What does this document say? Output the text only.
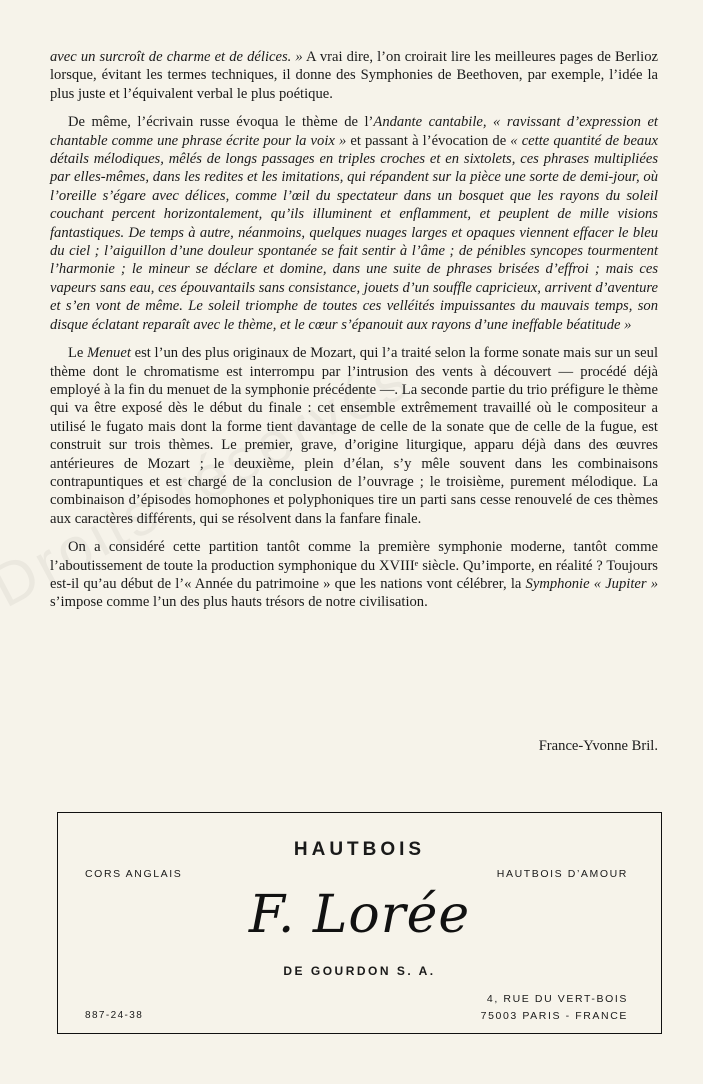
avec un surcroît de charme et de délices. » A vrai dire, l’on croirait lire les meilleures pages de Berlioz lorsque, évitant les termes techniques, il donne des Symphonies de Beethoven, par exemple, l’idée la plus juste et l’équivalent verbal le plus poétique.

De même, l’écrivain russe évoqua le thème de l’Andante cantabile, « ravissant d’expression et chantable comme une phrase écrite pour la voix » et passant à l’évocation de « cette quantité de beaux détails mélodiques, mêlés de longs passages en triples croches et en sixtolets, ces phrases multipliées par elles-mêmes, dans les redites et les imitations, qui répandent sur la pièce une sorte de demi-jour, où l’oreille s’égare avec délices, comme l’œil du spectateur dans un bosquet que les rayons du soleil couchant percent horizontalement, qu’ils illuminent et enflamment, et peuplent de mille visions fantastiques. De temps à autre, néanmoins, quelques nuages larges et opaques viennent effacer le bleu du ciel ; l’aiguillon d’une douleur spontanée se fait sentir à l’âme ; de pénibles syncopes tourmentent l’harmonie ; le mineur se déclare et domine, dans une suite de phrases brisées d’effroi ; mais ces vapeurs sans eau, ces épouvantails sans consistance, jouets d’un souffle capricieux, arrivent d’aventure et s’en vont de même. Le soleil triomphe de toutes ces velléités impuissantes du mauvais temps, son disque éclatant reparaît avec le thème, et le cœur s’épanouit aux rayons d’une ineffable béatitude »

Le Menuet est l’un des plus originaux de Mozart, qui l’a traité selon la forme sonate mais sur un seul thème dont le chromatisme est interrompu par l’intrusion des vents à découvert — procédé déjà employé à la fin du menuet de la symphonie précédente —. La seconde partie du trio préfigure le thème qui va être exposé dès le début du finale : cet ensemble extrêmement travaillé où le compositeur a utilisé le fugato mais dont la forme tient davantage de celle de la sonate que de celle de la fugue, est construit sur trois thèmes. Le premier, grave, d’origine liturgique, apparu déjà dans des œuvres antérieures de Mozart ; le deuxième, plein d’élan, s’y mêle souvent dans les combinaisons contrapuntiques et est chargé de la conclusion de l’ouvrage ; le troisième, purement mélodique. La combinaison d’épisodes homophones et polyphoniques tire un parti sans cesse renouvelé de ces thèmes aux caractères différents, qui se résolvent dans la fanfare finale.

On a considéré cette partition tantôt comme la première symphonie moderne, tantôt comme l’aboutissement de toute la production symphonique du XVIIIᵉ siècle. Qu’importe, en réalité ? Toujours est-il qu’au début de l’« Année du patrimoine » que les nations vont célébrer, la Symphonie « Jupiter » s’impose comme l’un des plus hauts trésors de notre civilisation.

France-Yvonne Bril.
HAUTBOIS
CORS ANGLAIS	HAUTBOIS D’AMOUR
F. Lorée
DE GOURDON S. A.
887-24-38
4, RUE DU VERT-BOIS
75003 PARIS - FRANCE
